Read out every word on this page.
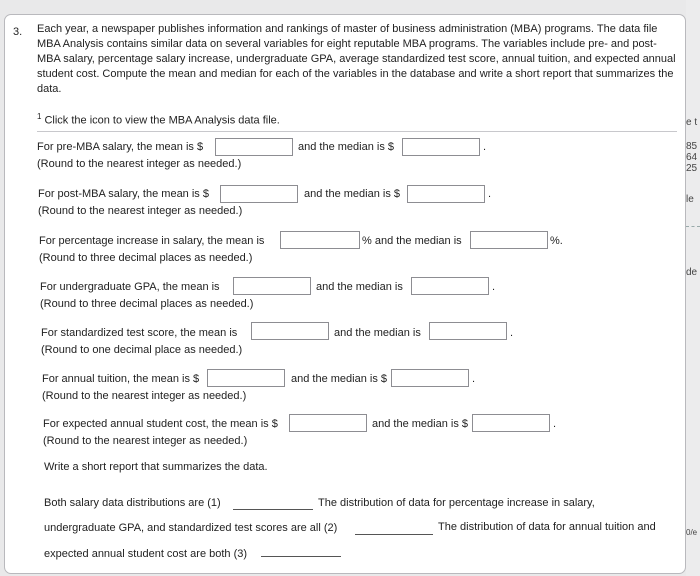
3. Each year, a newspaper publishes information and rankings of master of business administration (MBA) programs. The data file MBA Analysis contains similar data on several variables for eight reputable MBA programs. The variables include pre- and post-MBA salary, percentage salary increase, undergraduate GPA, average standardized test score, annual tuition, and expected annual student cost. Compute the mean and median for each of the variables in the database and write a short report that summarizes the data.
$^1$ Click the icon to view the MBA Analysis data file.
For pre-MBA salary, the mean is $	and the median is $	.
(Round to the nearest integer as needed.)
For post-MBA salary, the mean is $	and the median is $	.
(Round to the nearest integer as needed.)
For percentage increase in salary, the mean is	% and the median is	%.
(Round to three decimal places as needed.)
For undergraduate GPA, the mean is	and the median is	.
(Round to three decimal places as needed.)
For standardized test score, the mean is	and the median is	.
(Round to one decimal place as needed.)
For annual tuition, the mean is $	and the median is $	.
(Round to the nearest integer as needed.)
For expected annual student cost, the mean is $	and the median is $	.
(Round to the nearest integer as needed.)
Write a short report that summarizes the data.
Both salary data distributions are (1)	The distribution of data for percentage increase in salary,
undergraduate GPA, and standardized test scores are all (2)	The distribution of data for annual tuition and
expected annual student cost are both (3)
e t
85
64
25
le
de
0/e
